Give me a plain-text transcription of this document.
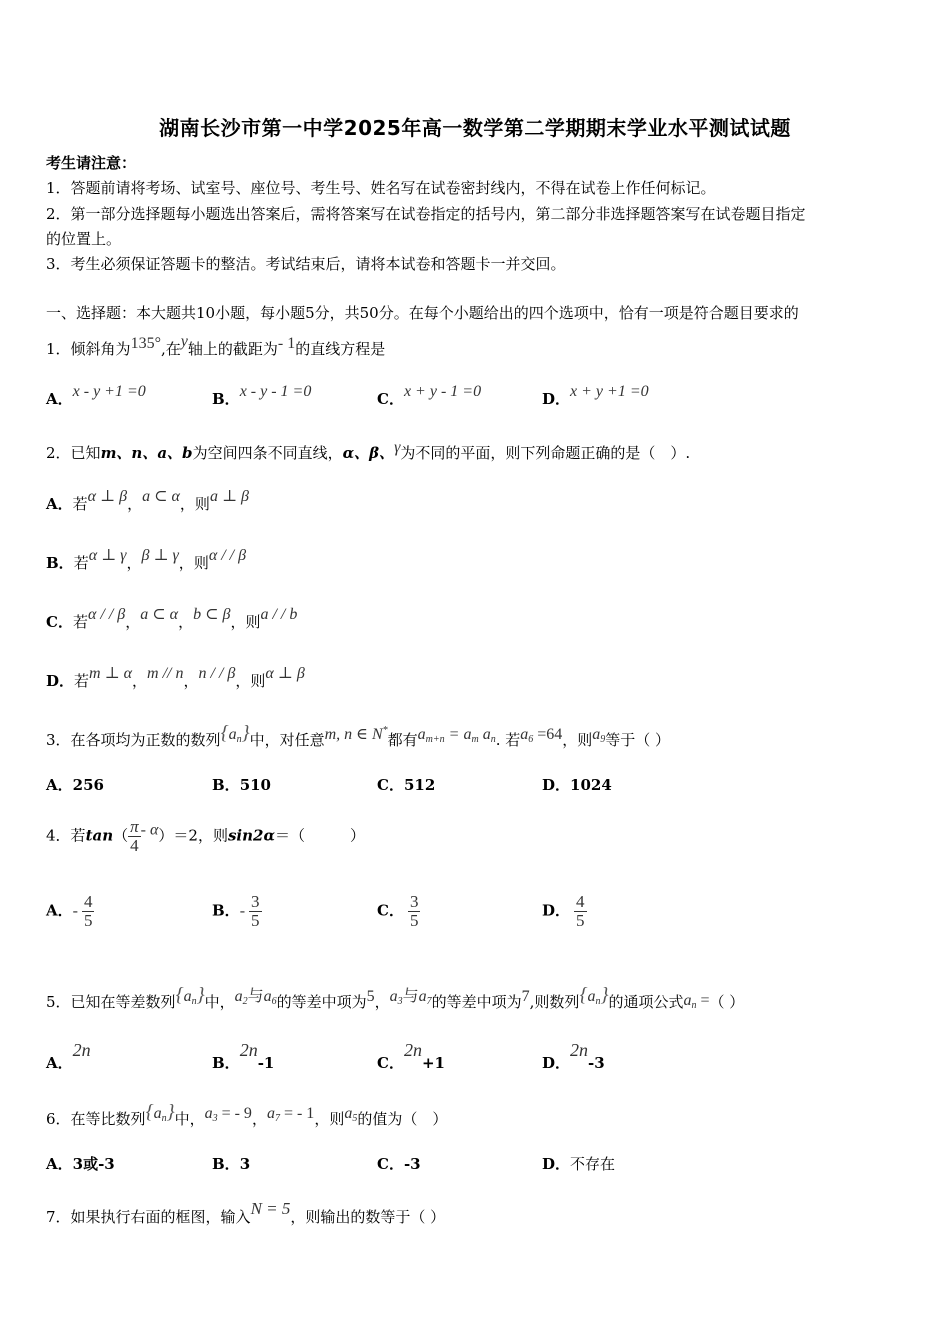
湖南长沙市第一中学2025年高一数学第二学期期末学业水平测试试题
考生请注意：
1．答题前请将考场、试室号、座位号、考生号、姓名写在试卷密封线内，不得在试卷上作任何标记。
2．第一部分选择题每小题选出答案后，需将答案写在试卷指定的括号内，第二部分非选择题答案写在试卷题目指定
的位置上。
3．考生必须保证答题卡的整洁。考试结束后，请将本试卷和答题卡一并交回。
一、选择题：本大题共10小题，每小题5分，共50分。在每个小题给出的四个选项中，恰有一项是符合题目要求的
1．倾斜角为135°,在y轴上的截距为- 1的直线方程是
A．x - y +1 =0	B．x - y - 1 =0	C．x + y - 1 =0	D．x + y +1 =0
2．已知m、n、a、b为空间四条不同直线，α、β、γ为不同的平面，则下列命题正确的是（　）.
A．若α ⊥ β，a ⊂ α，则a ⊥ β
B．若α ⊥ γ，β ⊥ γ，则α / / β
C．若α / / β，a ⊂ α，b ⊂ β，则a / / b
D．若m ⊥ α，m // n，n / / β，则α ⊥ β
3．在各项均为正数的数列$\{a_n\}$中，对任意m, n ∈ N*都有$a_{m+n} = a_m$ $a_n$. 若$a_6 =64$，则$a_9$等于（ ）
A．256	B．510	C．512	D．1024
4．若$\tan( \frac{\pi}{4} - \alpha)=2$，则sin2α＝（　　　）
A．- $\frac{4}{5}$	B．- $\frac{3}{5}$	C． $\frac{3}{5}$	D． $\frac{4}{5}$
5．已知在等差数列$\{a_n\}$中，$a_2$与$a_6$的等差中项为5，$a_3$与$a_7$的等差中项为7,则数列$\{a_n\}$的通项公式$a_n$ =（ ）
A．2n
B．2n-1	C．2n+1	D．2n-3
6．在等比数列$\{a_n\}$中，$a_3$ = - 9，$a_7$ = - 1，则$a_5$的值为（　）
A．3或-3	B．3	C．-3	D．不存在
7．如果执行右面的框图，输入N = 5，则输出的数等于（ ）
